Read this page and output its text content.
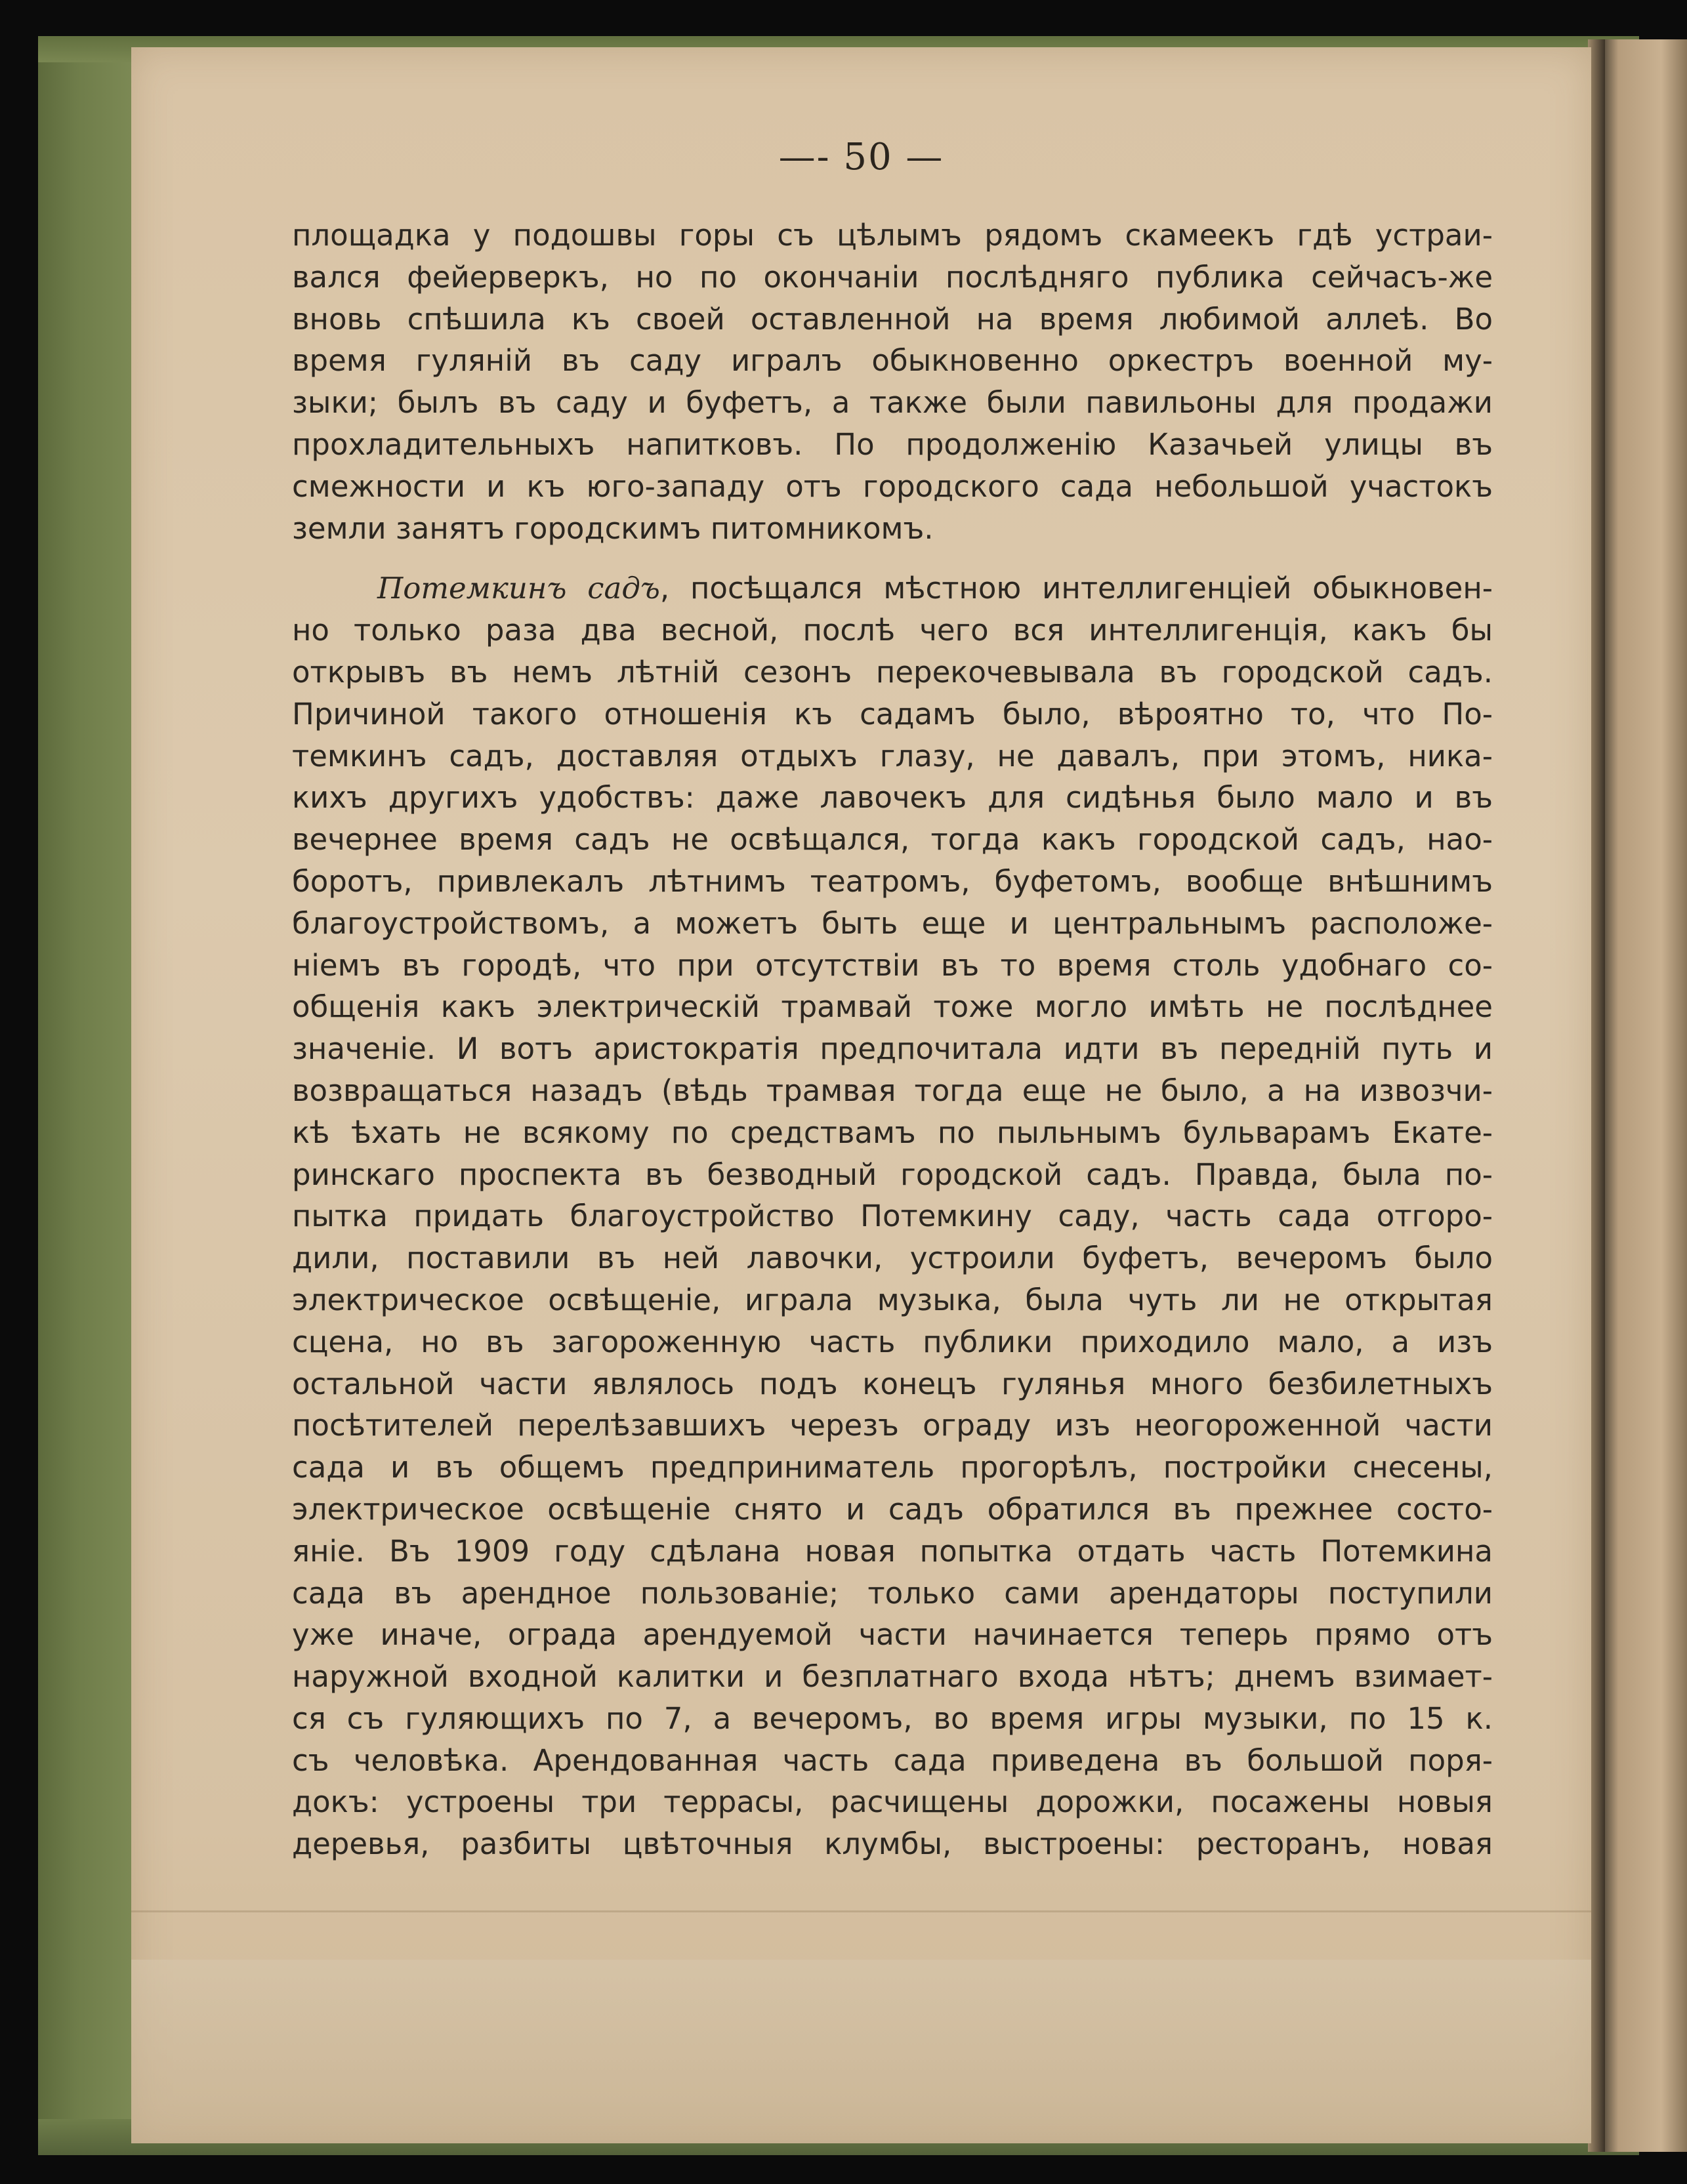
—- 50 —
площадка у подошвы горы съ цѣлымъ рядомъ скамеекъ гдѣ устраи-
вался фейерверкъ, но по окончанiи послѣдняго публика сейчасъ-же
вновь спѣшила къ своей оставленной на время любимой аллеѣ. Во
время гулянiй въ саду игралъ обыкновенно оркестръ военной му-
зыки; былъ въ саду и буфетъ, а также были павильоны для продажи
прохладительныхъ напитковъ. По продолженiю Казачьей улицы въ
смежности и къ юго-западу отъ городского сада небольшой участокъ
земли занятъ городскимъ питомникомъ.
Потемкинъ садъ, посѣщался мѣстною интеллигенцiей обыкновен-
но только раза два весной, послѣ чего вся интеллигенцiя, какъ бы
открывъ въ немъ лѣтнiй сезонъ перекочевывала въ городской садъ.
Причиной такого отношенiя къ садамъ было, вѣроятно то, что По-
темкинъ садъ, доставляя отдыхъ глазу, не давалъ, при этомъ, ника-
кихъ другихъ удобствъ: даже лавочекъ для сидѣнья было мало и въ
вечернее время садъ не освѣщался, тогда какъ городской садъ, нао-
боротъ, привлекалъ лѣтнимъ театромъ, буфетомъ, вообще внѣшнимъ
благоустройствомъ, а можетъ быть еще и центральнымъ расположе-
нiемъ въ городѣ, что при отсутствiи въ то время столь удобнаго со-
общенiя какъ электрическiй трамвай тоже могло имѣть не послѣднее
значенiе. И вотъ аристократiя предпочитала идти въ переднiй путь и
возвращаться назадъ (вѣдь трамвая тогда еще не было, а на извозчи-
кѣ ѣхать не всякому по средствамъ по пыльнымъ бульварамъ Екате-
ринскаго проспекта въ безводный городской садъ. Правда, была по-
пытка придать благоустройство Потемкину саду, часть сада отгоро-
дили, поставили въ ней лавочки, устроили буфетъ, вечеромъ было
электрическое освѣщенiе, играла музыка, была чуть ли не открытая
сцена, но въ загороженную часть публики приходило мало, а изъ
остальной части являлось подъ конецъ гулянья много безбилетныхъ
посѣтителей перелѣзавшихъ черезъ ограду изъ неогороженной части
сада и въ общемъ предприниматель прогорѣлъ, постройки снесены,
электрическое освѣщенiе снято и садъ обратился въ прежнее состо-
янiе. Въ 1909 году сдѣлана новая попытка отдать часть Потемкина
сада въ арендное пользованiе; только сами арендаторы поступили
уже иначе, ограда арендуемой части начинается теперь прямо отъ
наружной входной калитки и безплатнаго входа нѣтъ; днемъ взимает-
ся съ гуляющихъ по 7, а вечеромъ, во время игры музыки, по 15 к.
съ человѣка. Арендованная часть сада приведена въ большой поря-
докъ: устроены три террасы, расчищены дорожки, посажены новыя
деревья, разбиты цвѣточныя клумбы, выстроены: ресторанъ, новая
